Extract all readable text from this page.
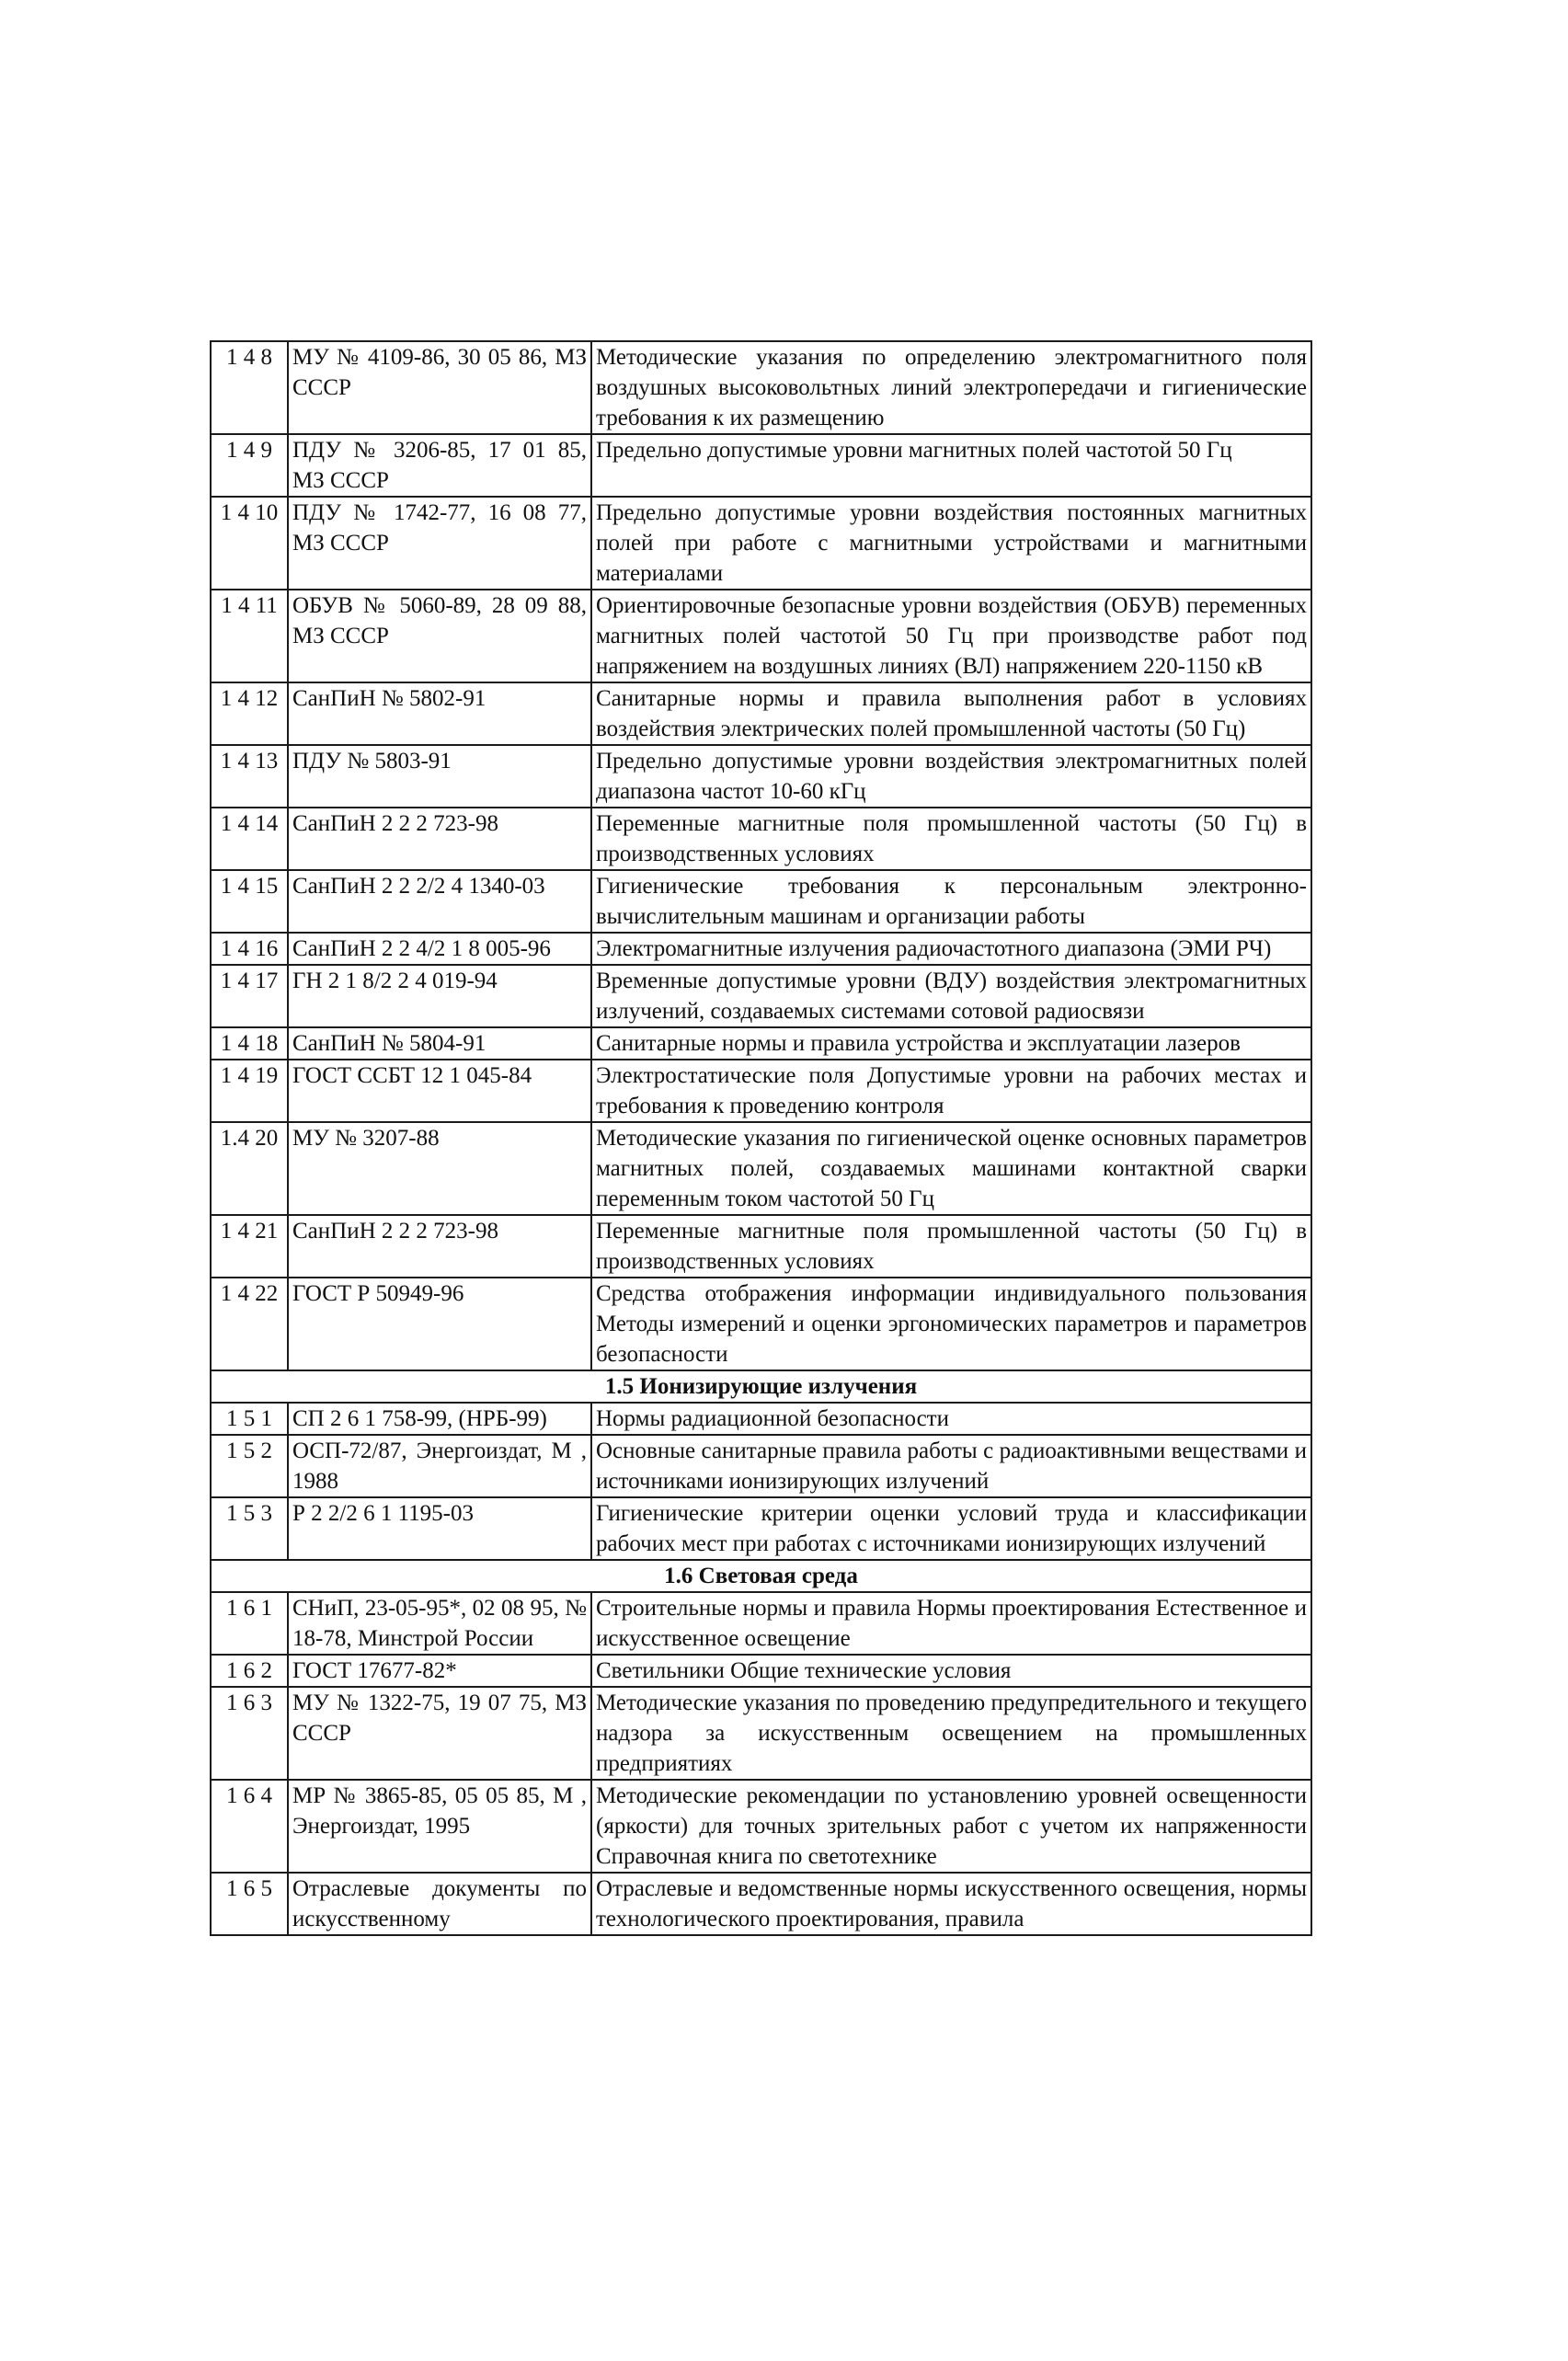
1 4 8	МУ № 4109-86, 30 05 86, МЗ СССР	Методические указания по определению электромагнитного поля воздушных высоковольтных линий электропередачи и гигиенические требования к их размещению
1 4 9	ПДУ № 3206-85, 17 01 85, МЗ СССР	Предельно допустимые уровни магнитных полей частотой 50 Гц
1 4 10	ПДУ № 1742-77, 16 08 77, МЗ СССР	Предельно допустимые уровни воздействия постоянных магнитных полей при работе с магнитными устройствами и магнитными материалами
1 4 11	ОБУВ № 5060-89, 28 09 88, МЗ СССР	Ориентировочные безопасные уровни воздействия (ОБУВ) переменных магнитных полей частотой 50 Гц при производстве работ под напряжением на воздушных линиях (ВЛ) напряжением 220-1150 кВ
1 4 12	СанПиН № 5802-91	Санитарные нормы и правила выполнения работ в условиях воздействия электрических полей промышленной частоты (50 Гц)
1 4 13	ПДУ № 5803-91	Предельно допустимые уровни воздействия электромагнитных полей диапазона частот 10-60 кГц
1 4 14	СанПиН 2 2 2 723-98	Переменные магнитные поля промышленной частоты (50 Гц) в производственных условиях
1 4 15	СанПиН 2 2 2/2 4 1340-03	Гигиенические требования к персональным электронно-вычислительным машинам и организации работы
1 4 16	СанПиН 2 2 4/2 1 8 005-96	Электромагнитные излучения радиочастотного диапазона (ЭМИ РЧ)
1 4 17	ГН 2 1 8/2 2 4 019-94	Временные допустимые уровни (ВДУ) воздействия электромагнитных излучений, создаваемых системами сотовой радиосвязи
1 4 18	СанПиН № 5804-91	Санитарные нормы и правила устройства и эксплуатации лазеров
1 4 19	ГОСТ ССБТ 12 1 045-84	Электростатические поля Допустимые уровни на рабочих местах и требования к проведению контроля
1.4 20	МУ № 3207-88	Методические указания по гигиенической оценке основных параметров магнитных полей, создаваемых машинами контактной сварки переменным током частотой 50 Гц
1 4 21	СанПиН 2 2 2 723-98	Переменные магнитные поля промышленной частоты (50 Гц) в производственных условиях
1 4 22	ГОСТ Р 50949-96	Средства отображения информации индивидуального пользования Методы измерений и оценки эргономических параметров и параметров безопасности
1.5 Ионизирующие излучения		
1 5 1	СП 2 6 1 758-99, (НРБ-99)	Нормы радиационной безопасности
1 5 2	ОСП-72/87, Энергоиздат, М , 1988	Основные санитарные правила работы с радиоактивными веществами и источниками ионизирующих излучений
1 5 3	Р 2 2/2 6 1 1195-03	Гигиенические критерии оценки условий труда и классификации рабочих мест при работах с источниками ионизирующих излучений
1.6 Световая среда		
1 6 1	СНиП, 23-05-95*, 02 08 95, № 18-78, Минстрой России	Строительные нормы и правила Нормы проектирования Естественное и искусственное освещение
1 6 2	ГОСТ 17677-82*	Светильники Общие технические условия
1 6 3	МУ № 1322-75, 19 07 75, МЗ СССР	Методические указания по проведению предупредительного и текущего надзора за искусственным освещением на промышленных предприятиях
1 6 4	МР № 3865-85, 05 05 85, М , Энергоиздат, 1995	Методические рекомендации по установлению уровней освещенности (яркости) для точных зрительных работ с учетом их напряженности Справочная книга по светотехнике
1 6 5	Отраслевые документы по искусственному	Отраслевые и ведомственные нормы искусственного освещения, нормы технологического проектирования, правила
